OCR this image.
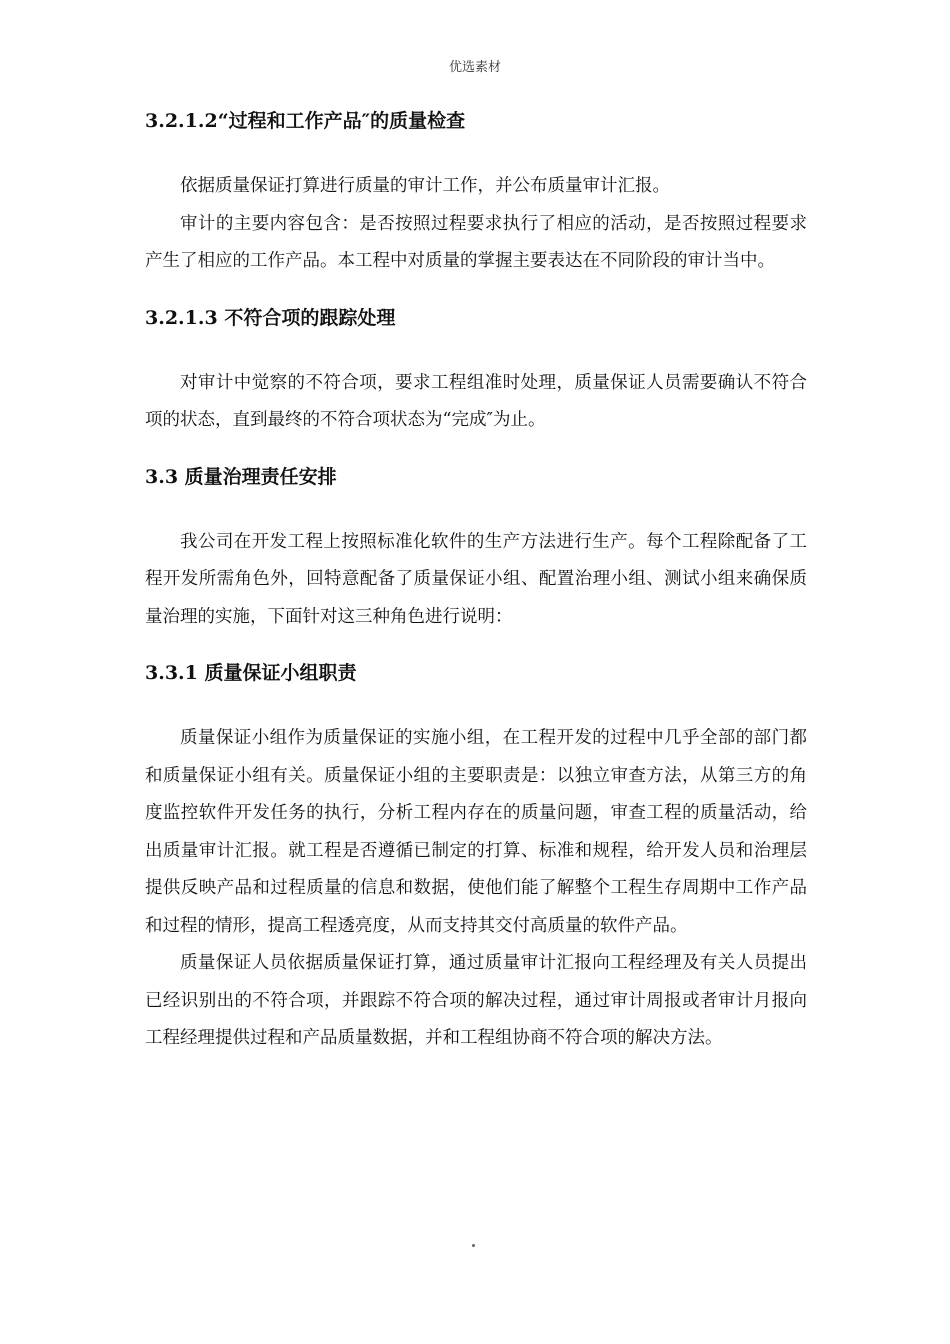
优选素材
3.2.1.2“过程和工作产品″的质量检查

依据质量保证打算进行质量的审计工作，并公布质量审计汇报。

审计的主要内容包含：是否按照过程要求执行了相应的活动，是否按照过程要求产生了相应的工作产品。本工程中对质量的掌握主要表达在不同阶段的审计当中。

3.2.1.3 不符合项的跟踪处理

对审计中觉察的不符合项，要求工程组准时处理，质量保证人员需要确认不符合项的状态，直到最终的不符合项状态为“完成″为止。

3.3 质量治理责任安排

我公司在开发工程上按照标准化软件的生产方法进行生产。每个工程除配备了工程开发所需角色外，回特意配备了质量保证小组、配置治理小组、测试小组来确保质量治理的实施，下面针对这三种角色进行说明：

3.3.1 质量保证小组职责

质量保证小组作为质量保证的实施小组，在工程开发的过程中几乎全部的部门都和质量保证小组有关。质量保证小组的主要职责是：以独立审查方法，从第三方的角度监控软件开发任务的执行，分析工程内存在的质量问题，审查工程的质量活动，给出质量审计汇报。就工程是否遵循已制定的打算、标准和规程，给开发人员和治理层提供反映产品和过程质量的信息和数据，使他们能了解整个工程生存周期中工作产品和过程的情形，提高工程透亮度，从而支持其交付高质量的软件产品。

质量保证人员依据质量保证打算，通过质量审计汇报向工程经理及有关人员提出已经识别出的不符合项，并跟踪不符合项的解决过程，通过审计周报或者审计月报向工程经理提供过程和产品质量数据，并和工程组协商不符合项的解决方法。
